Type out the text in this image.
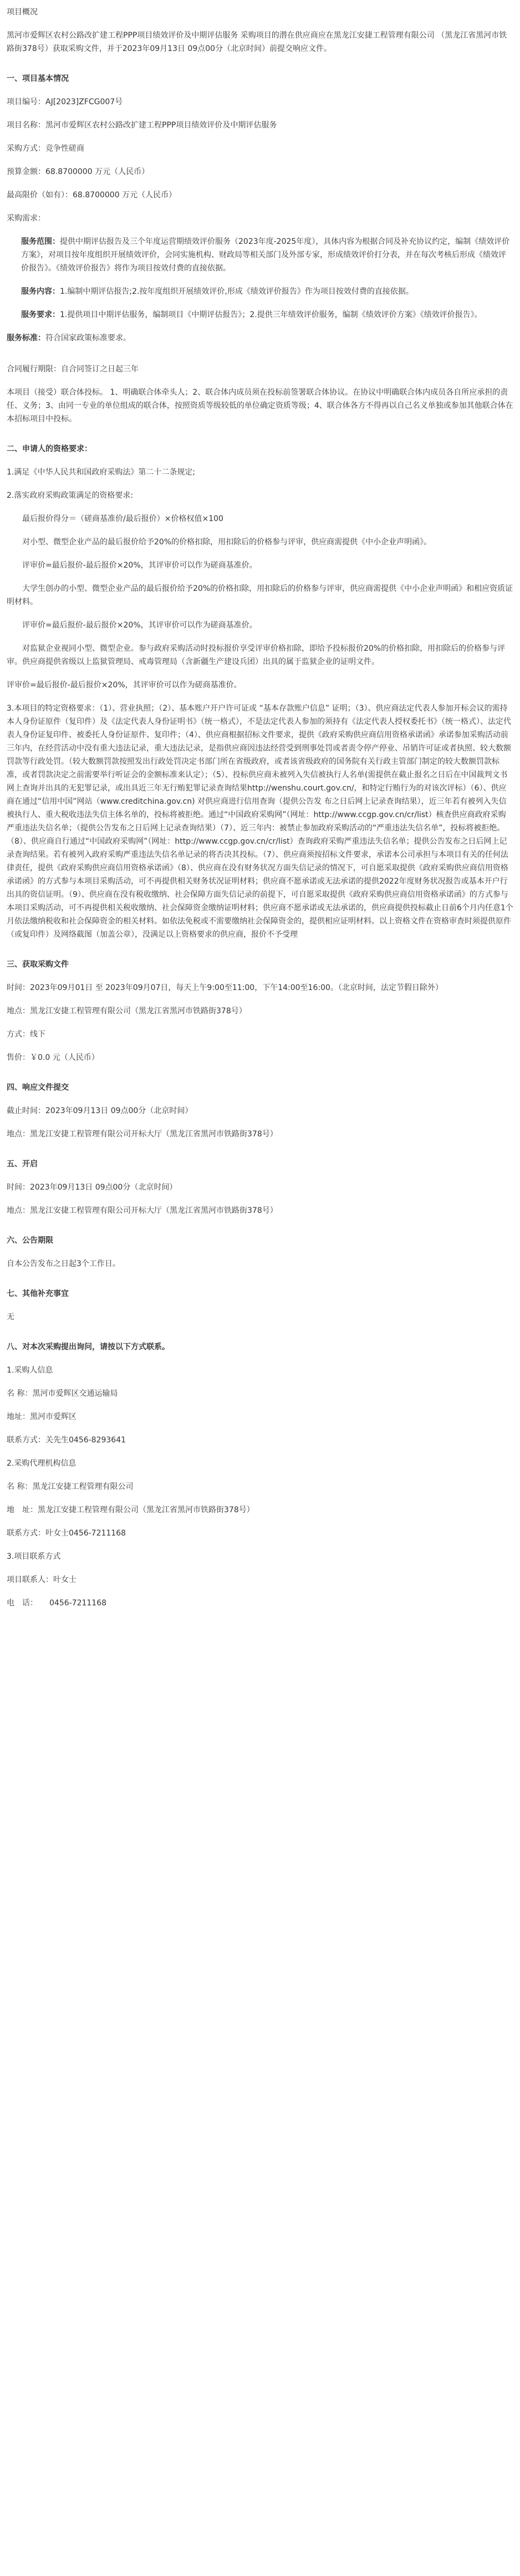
项目概况

黑河市爱辉区农村公路改扩建工程PPP项目绩效评价及中期评估服务 采购项目的潜在供应商应在黑龙江安捷工程管理有限公司 （黑龙江省黑河市铁路街378号）获取采购文件，并于2023年09月13日 09点00分（北京时间）前提交响应文件。

一、项目基本情况

项目编号：AJ[2023]ZFCG007号

项目名称：黑河市爱辉区农村公路改扩建工程PPP项目绩效评价及中期评估服务

采购方式：竞争性磋商

预算金额：68.8700000 万元（人民币）

最高限价（如有）：68.8700000 万元（人民币）

采购需求：

服务范围：提供中期评估报告及三个年度运营期绩效评价服务（2023年度-2025年度），具体内容为根据合同及补充协议约定，编制《绩效评价方案》，对项目按年度组织开展绩效评价，会同实施机构、财政局等相关部门及外部专家，形成绩效评价打分表，并在每次考核后形成《绩效评价报告》。《绩效评价报告》将作为项目按效付费的直接依据。

服务内容：1.编制中期评估报告;2.按年度组织开展绩效评价,形成《绩效评价报告》作为项目按效付费的直接依据。

服务要求：1.提供项目中期评估服务，编制项目《中期评估报告》；2.提供三年绩效评价服务，编制《绩效评价方案》《绩效评价报告》。

服务标准：符合国家政策标准要求。

合同履行期限：自合同签订之日起三年

本项目（接受）联合体投标。 1、明确联合体牵头人；2、联合体内成员须在投标前签署联合体协议。在协议中明确联合体内成员各自所应承担的责任、义务；3、由同一专业的单位组成的联合体，按照资质等级较低的单位确定资质等级；4、联合体各方不得再以自己名义单独或参加其他联合体在本招标项目中投标。

二、申请人的资格要求：

1.满足《中华人民共和国政府采购法》第二十二条规定;

2.落实政府采购政策满足的资格要求:

最后报价得分＝（磋商基准价/最后报价）×价格权值×100

对小型、微型企业产品的最后报价给予20%的价格扣除，用扣除后的价格参与评审，供应商需提供《中小企业声明函》。

评审价=最后报价-最后报价×20%，其评审价可以作为磋商基准价。

大学生创办的小型、微型企业产品的最后报价给予20%的价格扣除，用扣除后的价格参与评审，供应商需提供《中小企业声明函》和相应资质证明材料。

评审价=最后报价-最后报价×20%，其评审价可以作为磋商基准价。

对监狱企业视同小型、微型企业。参与政府采购活动时投标报价享受评审价格扣除，即给予投标报价20%的价格扣除，用扣除后的价格参与评审。供应商提供省级以上监狱管理局、戒毒管理局（含新疆生产建设兵团）出具的属于监狱企业的证明文件。

评审价=最后报价-最后报价×20%，其评审价可以作为磋商基准价。

3.本项目的特定资格要求：（1）、营业执照；（2）、基本账户开户许可证或 “基本存款账户信息” 证明；（3）、供应商法定代表人参加开标会议的需持本人身份证原件（复印件）及《法定代表人身份证明书》（统一格式），不是法定代表人参加的须持有《法定代表人授权委托书》（统一格式）、法定代表人身份证复印件、被委托人身份证原件、复印件；（4）、供应商根据招标文件要求，提供《政府采购供应商信用资格承诺函》承诺参加采购活动前三年内，在经营活动中没有重大违法记录，重大违法记录，是指供应商因违法经营受到刑事处罚或者责令停产停业、吊销许可证或者执照、较大数额罚款等行政处罚。（较大数额罚款按照发出行政处罚决定书部门所在省级政府，或者该省级政府的国务院有关行政主管部门制定的较大数额罚款标准，或者罚款决定之前需要举行听证会的金额标准来认定）；（5）、投标供应商未被列入失信被执行人名单(需提供在截止报名之日后在中国裁判文书网上查询并出具的无犯罪记录，或出具近三年无行贿犯罪记录查询结果http://wenshu.court.gov.cn/，和特定行贿行为的对该次评标）（6）、供应商在通过“信用中国”网站（www.creditchina.gov.cn) 对供应商进行信用查询（提供公告发 布之日后网上记录查询结果），近三年若有被列入失信被执行人、重大税收违法失信主体名单的，投标将被拒绝。通过“中国政府采购网”（网址：http://www.ccgp.gov.cn/cr/list）核查供应商政府采购严重违法失信名单；（提供公告发布之日后网上记录查询结果）（7）、近三年内：被禁止参加政府采购活动的“严重违法失信名单”，投标将被拒绝。（8）、供应商自行通过“中国政府采购网”（网址：http://www.ccgp.gov.cn/cr/list）查询政府采购严重违法失信名单；提供公告发布之日后网上记录查询结果。若有被列入政府采购严重违法失信名单记录的将否决其投标。（7）、供应商须按招标文件要求，承诺本公司承担与本项目有关的任何法律责任，提供《政府采购供应商信用资格承诺函》（8）、供应商在没有财务状况方面失信记录的情况下，可自愿采取提供《政府采购供应商信用资格承诺函》的方式参与本项目采购活动，可不再提供相关财务状况证明材料；供应商不愿承诺或无法承诺的提供2022年度财务状况报告或基本开户行出具的资信证明。（9）、供应商在没有税收缴纳、社会保障方面失信记录的前提下，可自愿采取提供《政府采购供应商信用资格承诺函》的方式参与本项目采购活动，可不再提供相关税收缴纳、社会保障资金缴纳证明材料；供应商不愿承诺或无法承诺的，供应商提供投标截止日前6个月内任意1个月依法缴纳税收和社会保障资金的相关材料。如依法免税或不需要缴纳社会保障资金的，提供相应证明材料。以上资格文件在资格审查时须提供原件（或复印件）及网络截图（加盖公章），没满足以上资格要求的供应商，报价不予受理

三、获取采购文件

时间：2023年09月01日 至 2023年09月07日，每天上午9:00至11:00，下午14:00至16:00。（北京时间，法定节假日除外）

地点：黑龙江安捷工程管理有限公司（黑龙江省黑河市铁路街378号）

方式：线下

售价：￥0.0 元（人民币）

四、响应文件提交

截止时间：2023年09月13日 09点00分（北京时间）

地点：黑龙江安捷工程管理有限公司开标大厅（黑龙江省黑河市铁路街378号）

五、开启

时间：2023年09月13日 09点00分（北京时间）

地点：黑龙江安捷工程管理有限公司开标大厅（黑龙江省黑河市铁路街378号）

六、公告期限

自本公告发布之日起3个工作日。

七、其他补充事宜

无

八、对本次采购提出询问，请按以下方式联系。

1.采购人信息

名 称：黑河市爱辉区交通运输局

地址：黑河市爱辉区

联系方式：关先生0456-8293641

2.采购代理机构信息

名 称：黑龙江安捷工程管理有限公司

地　址：黑龙江安捷工程管理有限公司（黑龙江省黑河市铁路街378号）

联系方式：叶女士0456-7211168

3.项目联系方式

项目联系人：叶女士

电　话：　　0456-7211168
